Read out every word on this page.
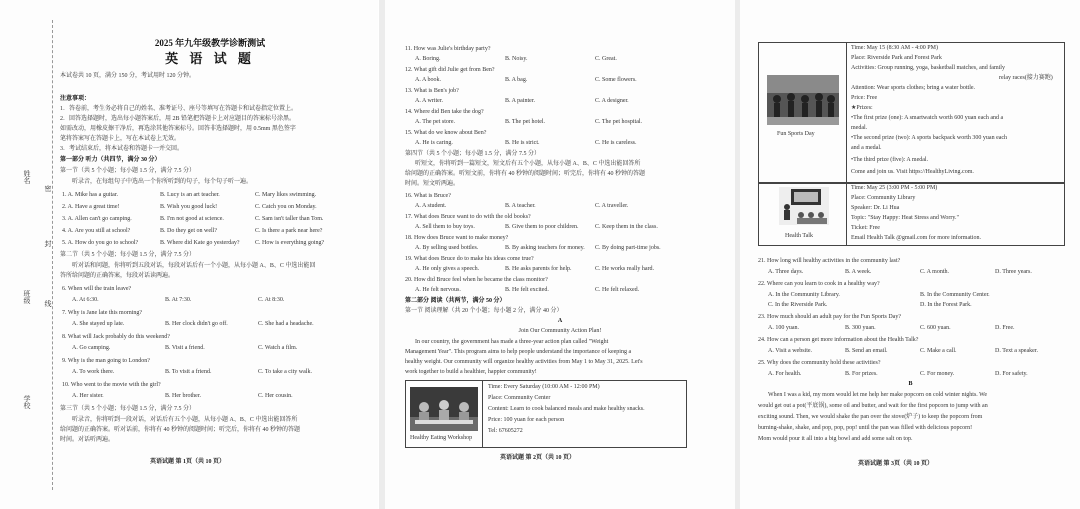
姓名
班级
学校
密
封
线
2025 年九年级教学诊断测试
英 语 试 题
本试卷共 10 页，满分 150 分，考试用时 120 分钟。
注意事项：
1．答卷前，考生务必将自己的姓名、准考证号、座号等填写在答题卡和试卷指定位置上。
2．回答选择题时，选出每小题答案后，用 2B 铅笔把答题卡上对应题目的答案标号涂黑。
如需改动，用橡皮擦干净后，再选涂其他答案标号。回答非选择题时，用 0.5mm 黑色签字
笔将答案写在答题卡上，写在本试卷上无效。
3．考试结束后，将本试卷和答题卡一并交回。
第一部分 听力（共四节，满分 30 分）
第一节（共 5 个小题；每小题 1.5 分，满分 7.5 分）
听录音，在每组句子中选出一个你所听到的句子，每个句子听一遍。
1. A. Mike has a guitar.	B. Lucy is an art teacher.	C. Mary likes swimming.
2. A. Have a great time!	B. Wish you good luck!	C. Catch you on Monday.
3. A. Allen can't go camping.	B. I'm not good at science.	C. Sam isn't taller than Tom.
4. A. Are you still at school?	B. Do they get on well?	C. Is there a park near here?
5. A. How do you go to school?	B. Where did Kate go yesterday?	C. How is everything going?
第二节（共 5 个小题；每小题 1.5 分，满分 7.5 分）
听对话和问题，你将听到五段对话，每段对话后有一个小题，从每小题 A、B、C 中选出能回
答所给问题的正确答案，每段对话读两遍。
6. When will the train leave?
A. At 6:30.	B. At 7:30.	C. At 8:30.
7. Why is Jane late this morning?
A. She stayed up late.	B. Her clock didn't go off.	C. She had a headache.
8. What will Jack probably do this weekend?
A. Go camping.	B. Visit a friend.	C. Watch a film.
9. Why is the man going to London?
A. To work there.	B. To visit a friend.	C. To take a city walk.
10. Who went to the movie with the girl?
A. Her sister.	B. Her brother.	C. Her cousin.
第三节（共 5 个小题；每小题 1.5 分，满分 7.5 分）
听录音，你将听到一段对话，对话后有五个小题，从每小题 A、B、C 中选出能回答所
给问题的正确答案。听对话前，你将有 40 秒钟的阅题时间；听完后，你将有 40 秒钟的答题
时间。对话听两遍。
英语试题 第 1页（共 10 页）
11. How was Julie's birthday party?
A. Boring.	B. Noisy.	C. Great.
12. What gift did Julie get from Ben?
A. A book.	B. A bag.	C. Some flowers.
13. What is Ben's job?
A. A writer.	B. A painter.	C. A designer.
14. Where did Ben take the dog?
A. The pet store.	B. The pet hotel.	C. The pet hospital.
15. What do we know about Ben?
A. He is caring.	B. He is strict.	C. He is careless.
第四节（共 5 个小题；每小题 1.5 分，满分 7.5 分）
听短文，你将听到一篇短文，短文后有五个小题，从每小题 A、B、C 中选出能回答所
给问题的正确答案。听短文前，你将有 40 秒钟的阅题时间；听完后，你将有 40 秒钟的答题
时间。短文听两遍。
16. What is Bruce?
A. A student.	B. A teacher.	C. A traveller.
17. What does Bruce want to do with the old books?
A. Sell them to buy toys.	B. Give them to poor children.	C. Keep them in the class.
18. How does Bruce want to make money?
A. By selling used bottles.	B. By asking teachers for money. C. By doing part-time jobs.
19. What does Bruce do to make his ideas come true?
A. He only gives a speech.	B. He asks parents for help.	C. He works really hard.
20. How did Bruce feel when he became the class monitor?
A. He felt nervous.	B. He felt excited.	C. He felt relaxed.
第二部分 阅读（共两节，满分 50 分）
第一节 阅读理解（共 20 个小题；每小题 2 分，满分 40 分）
A
Join Our Community Action Plan!
In our country, the government has made a three-year action plan called "Weight
Management Year". This program aims to help people understand the importance of keeping a
healthy weight. Our community will organize healthy activities from May 1 to May 31, 2025. Let's
work together to build a healthier, happier community!
Healthy Eating Workshop
Time: Every Saturday (10:00 AM - 12:00 PM)
Place: Community Center
Content: Learn to cook balanced meals and make healthy snacks.
Price: 100 yuan for each person
Tel: 67605272
英语试题 第 2页（共 10 页）
Fun Sports Day
Time: May 15 (8:30 AM - 4:00 PM)
Place: Riverside Park and Forest Park
Activities: Group running, yoga, basketball matches, and family
relay races(接力赛跑)
Attention: Wear sports clothes; bring a water bottle.
Price: Free
★Prizes:
•The first prize (one): A smartwatch worth 600 yuan each and a
medal.
•The second prize (two): A sports backpack worth 300 yuan each
and a medal.
•The third prize (five): A medal.
Come and join us. Visit https://HealthyLiving.com.
Health Talk
Time: May 25 (3:00 PM - 5:00 PM)
Place: Community Library
Speaker: Dr. Li Hua
Topic: "Stay Happy: Heat Stress and Worry."
Ticket: Free
Email Health Talk @gmail.com for more information.
21. How long will healthy activities in the community last?
A. Three days.	B. A week.	C. A month.	D. Three years.
22. Where can you learn to cook in a healthy way?
A. In the Community Library.	B. In the Community Center.
C. In the Riverside Park.	D. In the Forest Park.
23. How much should an adult pay for the Fun Sports Day?
A. 100 yuan.	B. 300 yuan.	C. 600 yuan.	D. Free.
24. How can a person get more information about the Health Talk?
A. Visit a website.	B. Send an email.	C. Make a call.	D. Text a speaker.
25. Why does the community hold these activities?
A. For health.	B. For prizes.	C. For money.	D. For safety.
B
When I was a kid, my mom would let me help her make popcorn on cold winter nights. We
would get out a pot(平底锅), some oil and butter, and wait for the first popcorn to jump with an
exciting sound. Then, we would shake the pan over the stove(炉子) to keep the popcorn from
burning-shake, shake, and pop, pop, pop! until the pan was filled with delicious popcorn!
Mom would pour it all into a big bowl and add some salt on top.
英语试题 第 3页（共 10 页）
